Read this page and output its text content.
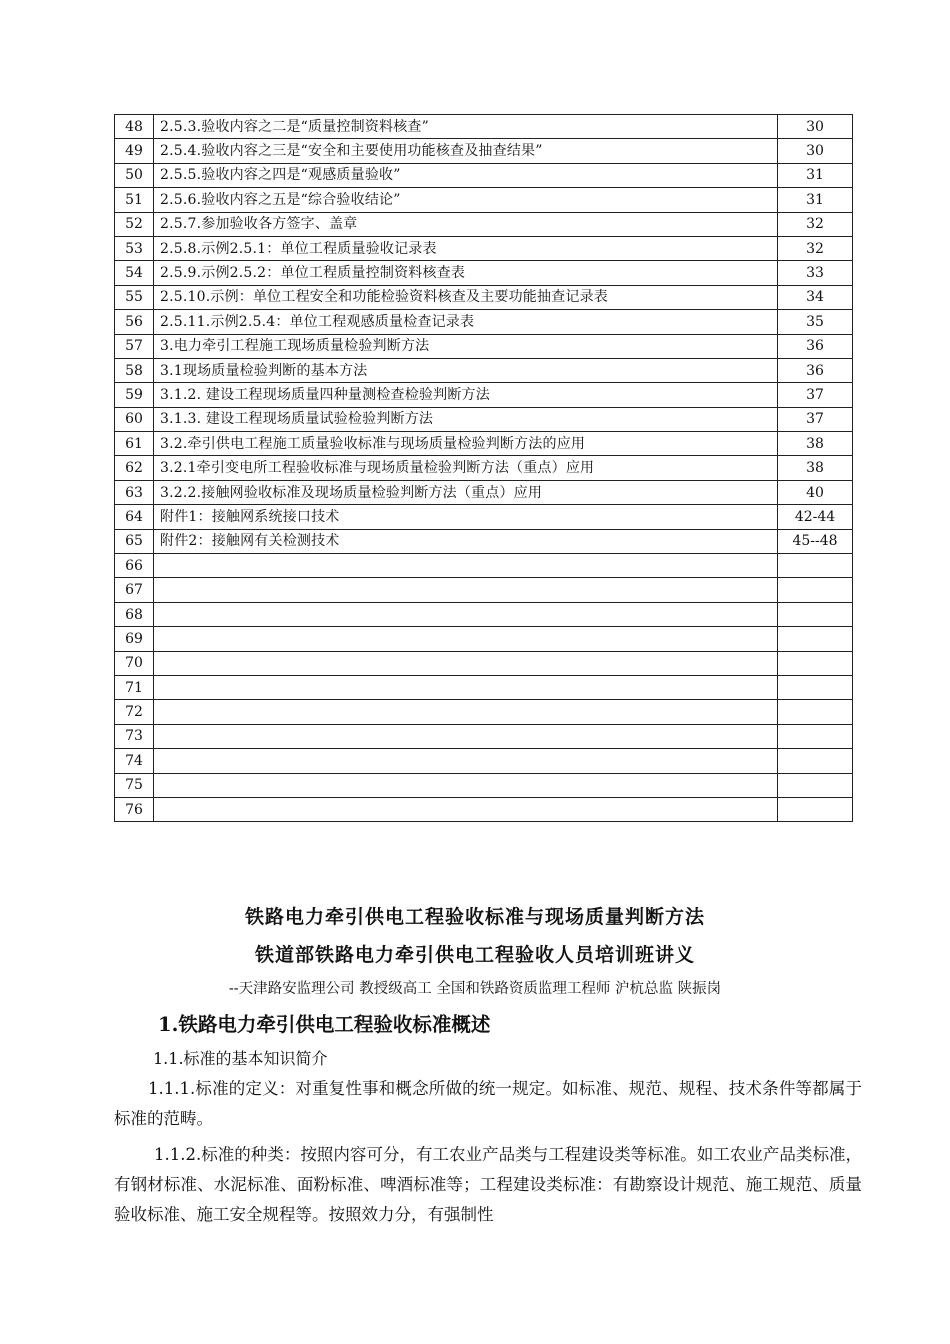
48	2.5.3.验收内容之二是“质量控制资料核查”	30
49	2.5.4.验收内容之三是“安全和主要使用功能核查及抽查结果”	30
50	2.5.5.验收内容之四是“观感质量验收”	31
51	2.5.6.验收内容之五是“综合验收结论”	31
52	2.5.7.参加验收各方签字、盖章	32
53	2.5.8.示例2.5.1：单位工程质量验收记录表	32
54	2.5.9.示例2.5.2：单位工程质量控制资料核查表	33
55	2.5.10.示例：单位工程安全和功能检验资料核查及主要功能抽查记录表	34
56	2.5.11.示例2.5.4：单位工程观感质量检查记录表	35
57	3.电力牵引工程施工现场质量检验判断方法	36
58	3.1现场质量检验判断的基本方法	36
59	3.1.2. 建设工程现场质量四种量测检查检验判断方法	37
60	3.1.3. 建设工程现场质量试验检验判断方法	37
61	3.2.牵引供电工程施工质量验收标准与现场质量检验判断方法的应用	38
62	3.2.1牵引变电所工程验收标准与现场质量检验判断方法（重点）应用	38
63	3.2.2.接触网验收标准及现场质量检验判断方法（重点）应用	40
64	附件1：接触网系统接口技术	42-44
65	附件2：接触网有关检测技术	45--48
66		
67		
68		
69		
70		
71		
72		
73		
74		
75		
76		
铁路电力牵引供电工程验收标准与现场质量判断方法
铁道部铁路电力牵引供电工程验收人员培训班讲义
--天津路安监理公司 教授级高工 全国和铁路资质监理工程师 沪杭总监 陕振岗
1.铁路电力牵引供电工程验收标准概述
1.1.标准的基本知识简介
1.1.1.标准的定义：对重复性事和概念所做的统一规定。如标准、规范、规程、技术条件等都属于标准的范畴。
1.1.2.标准的种类：按照内容可分，有工农业产品类与工程建设类等标准。如工农业产品类标准，有钢材标准、水泥标准、面粉标准、啤酒标准等；工程建设类标准：有勘察设计规范、施工规范、质量验收标准、施工安全规程等。按照效力分，有强制性
